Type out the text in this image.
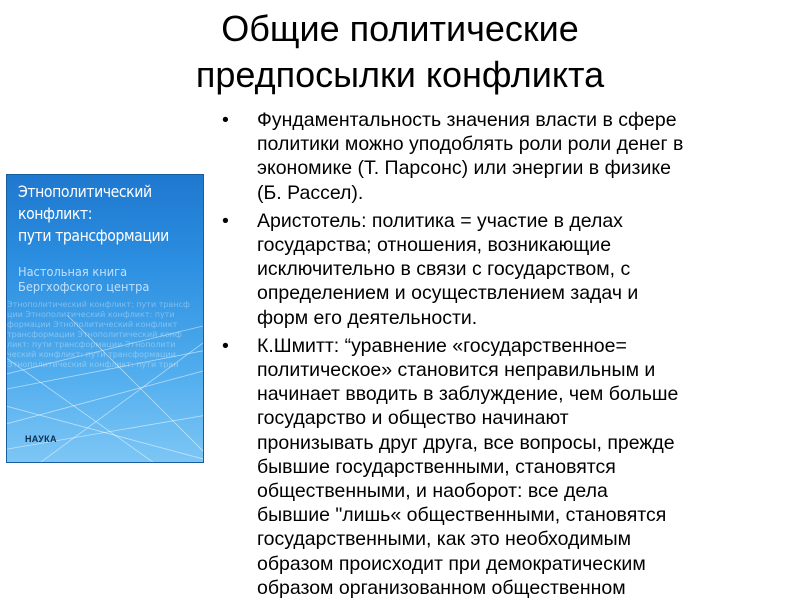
Общие политические
предпосылки конфликта
Этнополитический
конфликт:
пути трансформации
Настольная книга
Бергхофского центра
Этнополитический конфликт: пути трансф
ции Этнополитический конфликт: пути
формации Этнополитический конфликт
трансформации Этнополитический конф
ликт: пути трансформации Этнополити
ческий конфликт: пути трансформации
Этнополитический конфликт: пути тран
НАУКА
• Фундаментальность значения власти в сфере
политики можно уподоблять роли роли денег в
экономике (Т. Парсонс) или энергии в физике
(Б. Рассел).
• Аристотель: политика = участие в делах
государства; отношения, возникающие
исключительно в связи с государством, с
определением и осуществлением задач и
форм его деятельности.
• К.Шмитт: “уравнение «государственное=
политическое» становится неправильным и
начинает вводить в заблуждение, чем больше
государство и общество начинают
пронизывать друг друга, все вопросы, прежде
бывшие государственными, становятся
общественными, и наоборот: все дела
бывшие "лишь« общественными, становятся
государственными, как это необходимым
образом происходит при демократическим
образом организованном общественном
